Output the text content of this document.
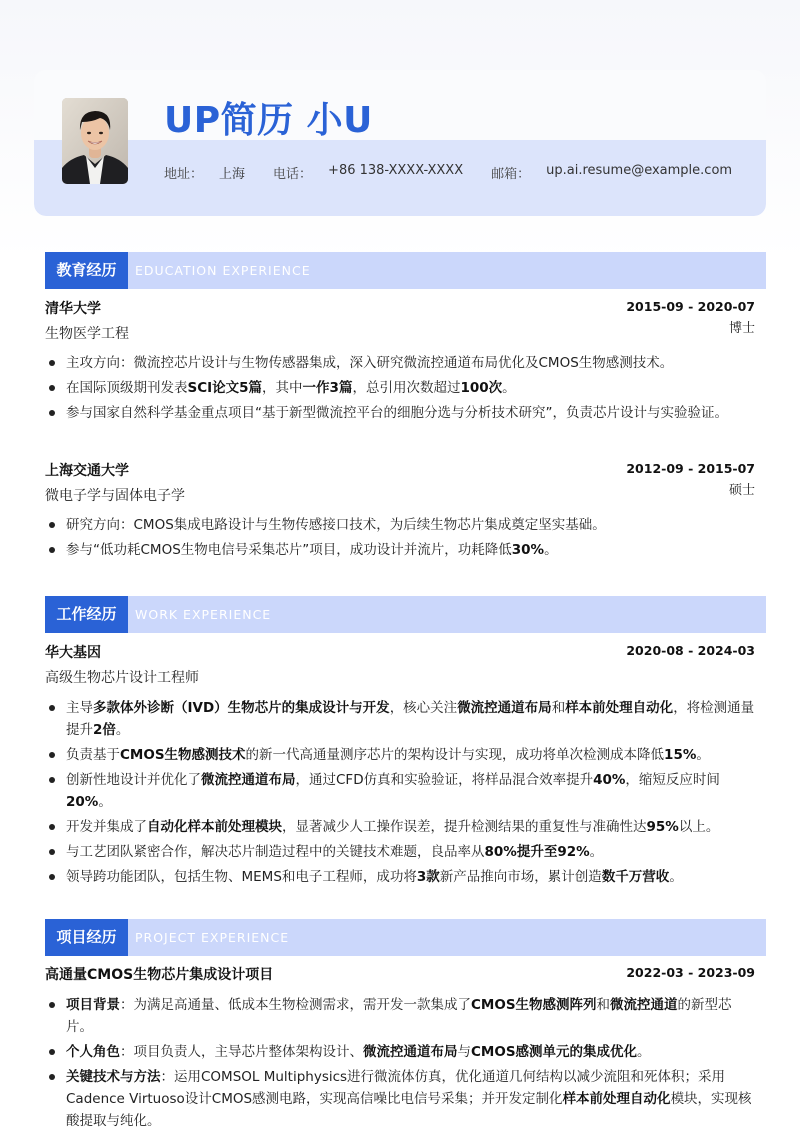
UP简历 小U
地址： 上海 电话： +86 138-XXXX-XXXX 邮箱： up.ai.resume@example.com
教育经历	EDUCATION EXPERIENCE
清华大学	2015-09 - 2020-07
生物医学工程	博士
主攻方向：微流控芯片设计与生物传感器集成，深入研究微流控通道布局优化及CMOS生物感测技术。
在国际顶级期刊发表SCI论文5篇，其中一作3篇，总引用次数超过100次。
参与国家自然科学基金重点项目“基于新型微流控平台的细胞分选与分析技术研究”，负责芯片设计与实验验证。
上海交通大学	2012-09 - 2015-07
微电子学与固体电子学	硕士
研究方向：CMOS集成电路设计与生物传感接口技术，为后续生物芯片集成奠定坚实基础。
参与“低功耗CMOS生物电信号采集芯片”项目，成功设计并流片，功耗降低30%。
工作经历	WORK EXPERIENCE
华大基因	2020-08 - 2024-03
高级生物芯片设计工程师
主导多款体外诊断（IVD）生物芯片的集成设计与开发，核心关注微流控通道布局和样本前处理自动化，将检测通量提升2倍。
负责基于CMOS生物感测技术的新一代高通量测序芯片的架构设计与实现，成功将单次检测成本降低15%。
创新性地设计并优化了微流控通道布局，通过CFD仿真和实验验证，将样品混合效率提升40%，缩短反应时间20%。
开发并集成了自动化样本前处理模块，显著减少人工操作误差，提升检测结果的重复性与准确性达95%以上。
与工艺团队紧密合作，解决芯片制造过程中的关键技术难题，良品率从80%提升至92%。
领导跨功能团队，包括生物、MEMS和电子工程师，成功将3款新产品推向市场，累计创造数千万营收。
项目经历	PROJECT EXPERIENCE
高通量CMOS生物芯片集成设计项目	2022-03 - 2023-09
项目背景：为满足高通量、低成本生物检测需求，需开发一款集成了CMOS生物感测阵列和微流控通道的新型芯片。
个人角色：项目负责人，主导芯片整体架构设计、微流控通道布局与CMOS感测单元的集成优化。
关键技术与方法：运用COMSOL Multiphysics进行微流体仿真，优化通道几何结构以减少流阻和死体积；采用Cadence Virtuoso设计CMOS感测电路，实现高信噪比电信号采集；并开发定制化样本前处理自动化模块，实现核酸提取与纯化。
